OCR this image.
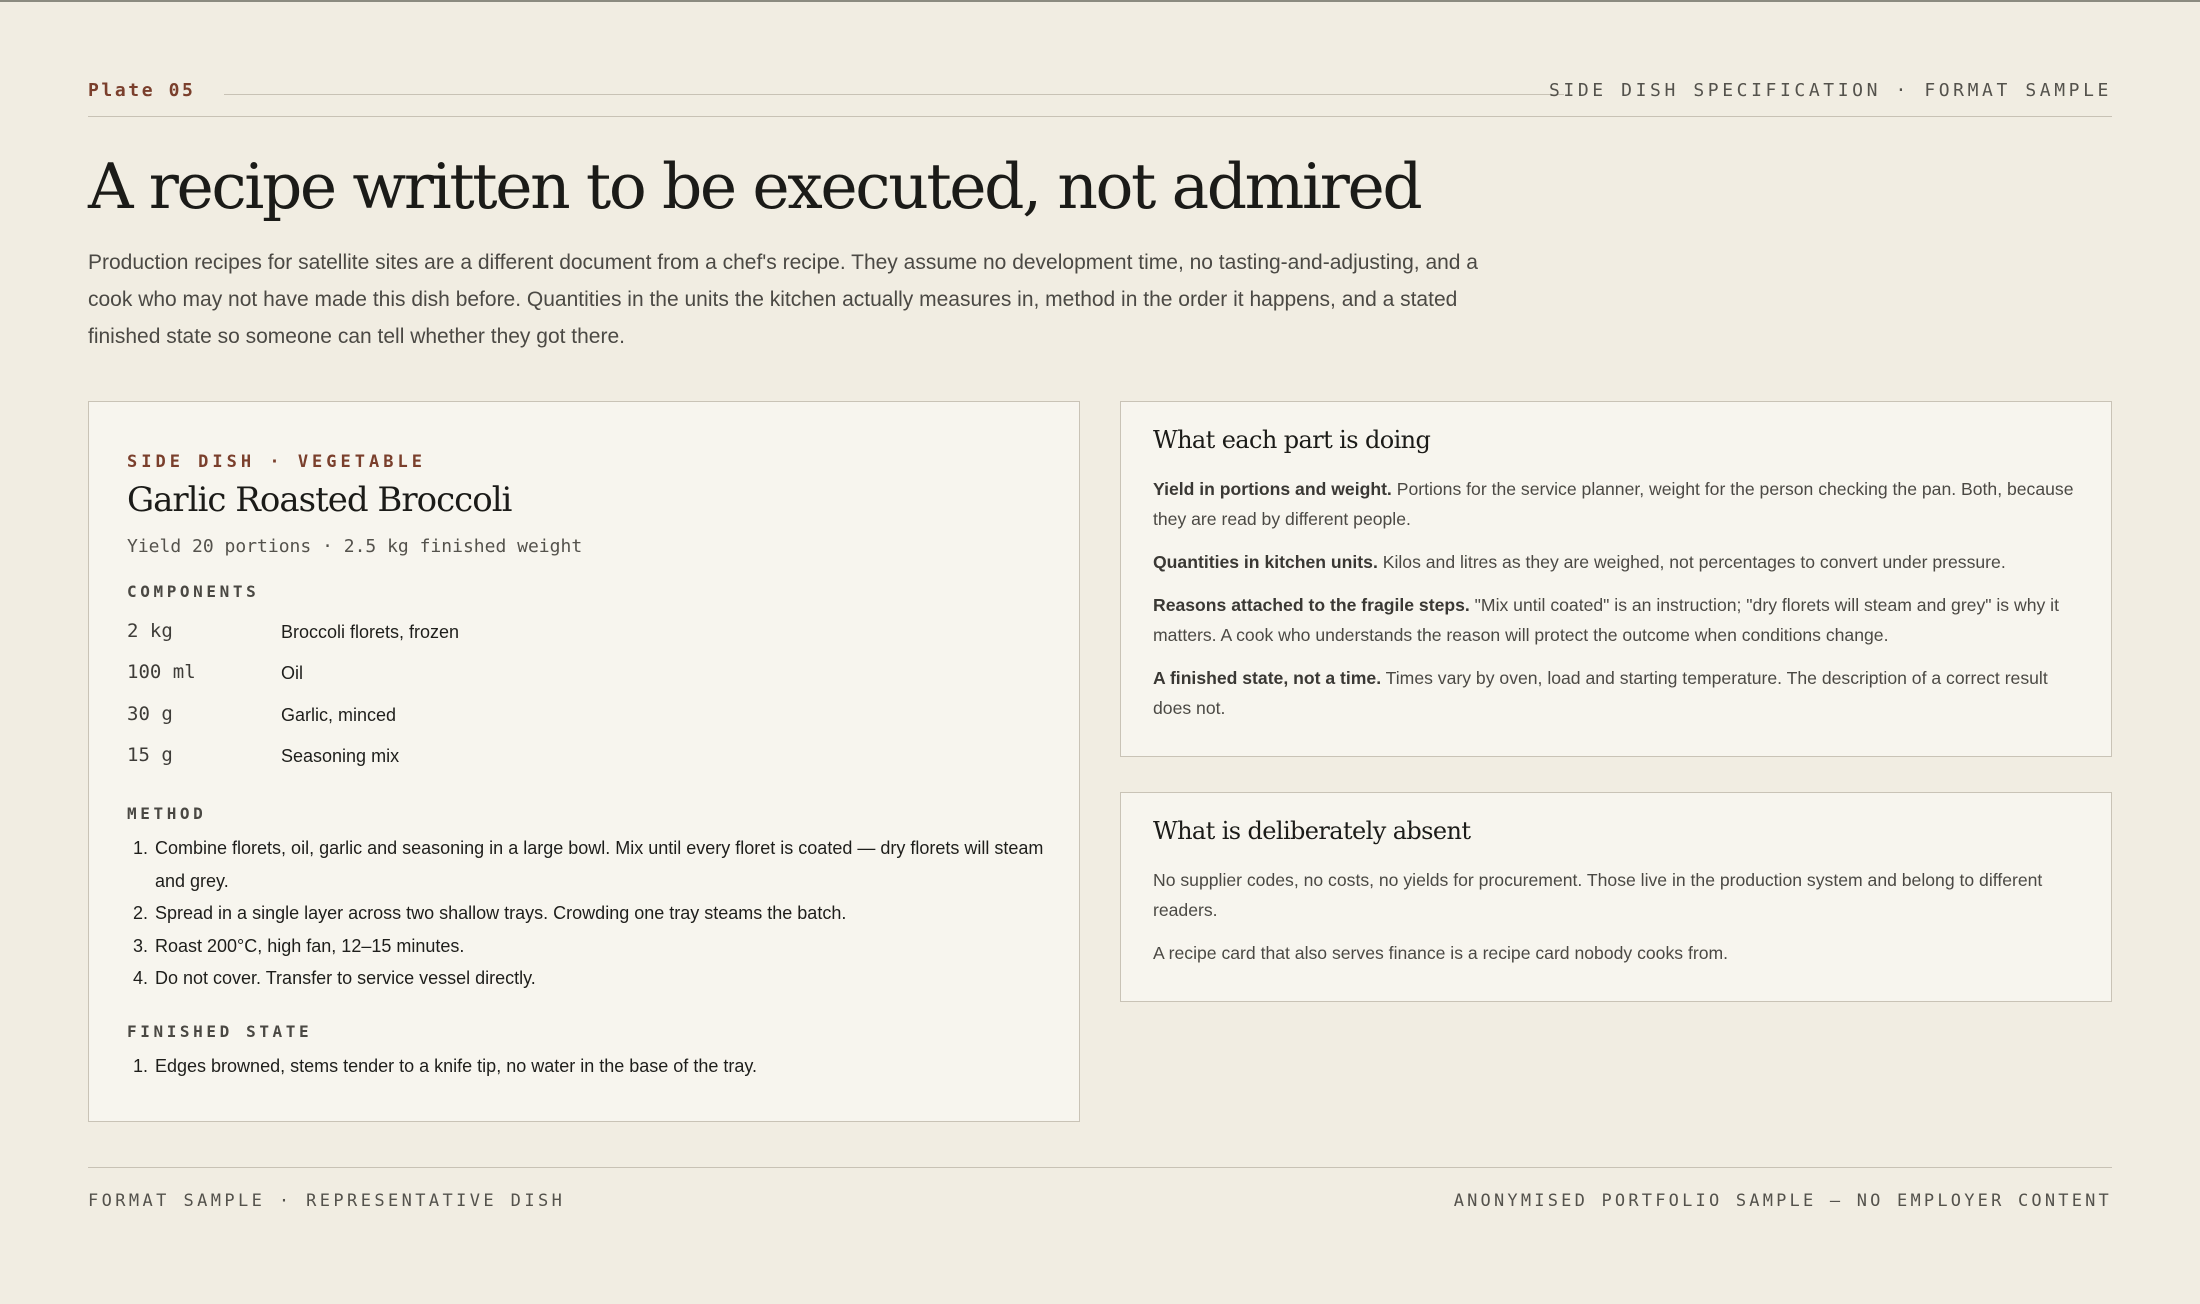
Plate 05	SIDE DISH SPECIFICATION · FORMAT SAMPLE
A recipe written to be executed, not admired

Production recipes for satellite sites are a different document from a chef's recipe. They assume no development time, no tasting-and-adjusting, and a cook who may not have made this dish before. Quantities in the units the kitchen actually measures in, method in the order it happens, and a stated finished state so someone can tell whether they got there.

SIDE DISH · VEGETABLE
Garlic Roasted Broccoli
Yield 20 portions · 2.5 kg finished weight
COMPONENTS
2 kg	Broccoli florets, frozen
100 ml	Oil
30 g	Garlic, minced
15 g	Seasoning mix
METHOD
1. Combine florets, oil, garlic and seasoning in a large bowl. Mix until every floret is coated — dry florets will steam and grey.
2. Spread in a single layer across two shallow trays. Crowding one tray steams the batch.
3. Roast 200°C, high fan, 12–15 minutes.
4. Do not cover. Transfer to service vessel directly.
FINISHED STATE
1. Edges browned, stems tender to a knife tip, no water in the base of the tray.
What each part is doing

Yield in portions and weight. Portions for the service planner, weight for the person checking the pan. Both, because they are read by different people.

Quantities in kitchen units. Kilos and litres as they are weighed, not percentages to convert under pressure.

Reasons attached to the fragile steps. "Mix until coated" is an instruction; "dry florets will steam and grey" is why it matters. A cook who understands the reason will protect the outcome when conditions change.

A finished state, not a time. Times vary by oven, load and starting temperature. The description of a correct result does not.

What is deliberately absent

No supplier codes, no costs, no yields for procurement. Those live in the production system and belong to different readers.

A recipe card that also serves finance is a recipe card nobody cooks from.

FORMAT SAMPLE · REPRESENTATIVE DISH	ANONYMISED PORTFOLIO SAMPLE — NO EMPLOYER CONTENT
